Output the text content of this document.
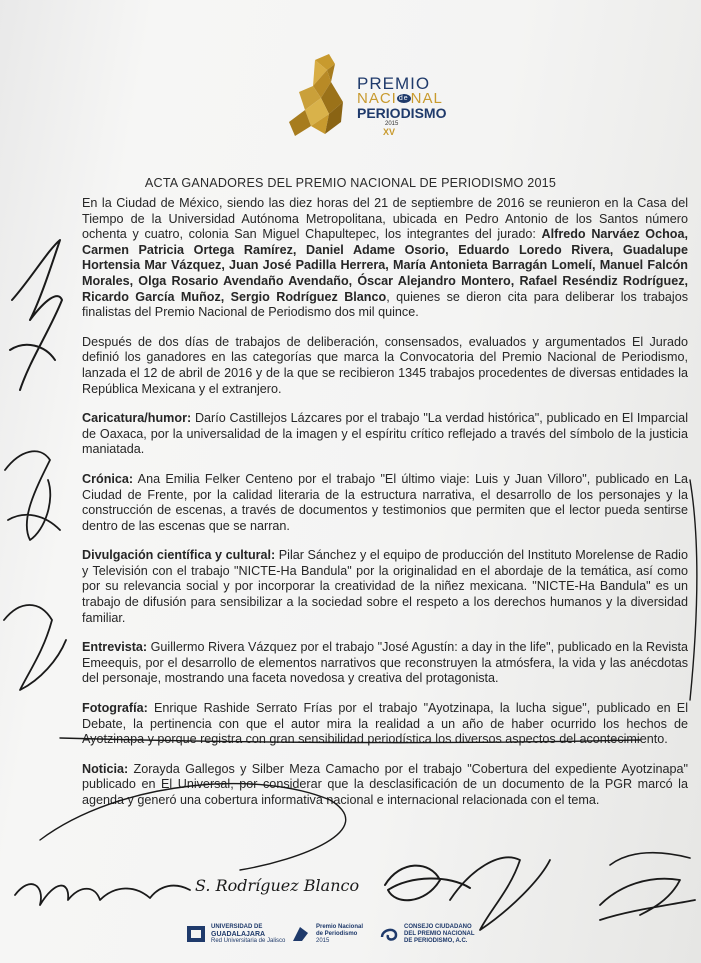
PREMIO
NACI de NAL
PERIODISMO
2015
XV
ACTA GANADORES DEL PREMIO NACIONAL DE PERIODISMO 2015

En la Ciudad de México, siendo las diez horas del 21 de septiembre de 2016 se reunieron en la Casa del Tiempo de la Universidad Autónoma Metropolitana, ubicada en Pedro Antonio de los Santos número ochenta y cuatro, colonia San Miguel Chapultepec, los integrantes del jurado: Alfredo Narváez Ochoa, Carmen Patricia Ortega Ramírez, Daniel Adame Osorio, Eduardo Loredo Rivera, Guadalupe Hortensia Mar Vázquez, Juan José Padilla Herrera, María Antonieta Barragán Lomelí, Manuel Falcón Morales, Olga Rosario Avendaño Avendaño, Óscar Alejandro Montero, Rafael Reséndiz Rodríguez, Ricardo García Muñoz, Sergio Rodríguez Blanco, quienes se dieron cita para deliberar los trabajos finalistas del Premio Nacional de Periodismo dos mil quince.

Después de dos días de trabajos de deliberación, consensados, evaluados y argumentados El Jurado definió los ganadores en las categorías que marca la Convocatoria del Premio Nacional de Periodismo, lanzada el 12 de abril de 2016 y de la que se recibieron 1345 trabajos procedentes de diversas entidades la República Mexicana y el extranjero.

Caricatura/humor: Darío Castillejos Lázcares por el trabajo "La verdad histórica", publicado en El Imparcial de Oaxaca, por la universalidad de la imagen y el espíritu crítico reflejado a través del símbolo de la justicia maniatada.

Crónica: Ana Emilia Felker Centeno por el trabajo "El último viaje: Luis y Juan Villoro", publicado en La Ciudad de Frente, por la calidad literaria de la estructura narrativa, el desarrollo de los personajes y la construcción de escenas, a través de documentos y testimonios que permiten que el lector pueda sentirse dentro de las escenas que se narran.

Divulgación científica y cultural: Pilar Sánchez y el equipo de producción del Instituto Morelense de Radio y Televisión con el trabajo "NICTE-Ha Bandula" por la originalidad en el abordaje de la temática, así como por su relevancia social y por incorporar la creatividad de la niñez mexicana. "NICTE-Ha Bandula" es un trabajo de difusión para sensibilizar a la sociedad sobre el respeto a los derechos humanos y la diversidad familiar.

Entrevista: Guillermo Rivera Vázquez por el trabajo "José Agustín: a day in the life", publicado en la Revista Emeequis, por el desarrollo de elementos narrativos que reconstruyen la atmósfera, la vida y las anécdotas del personaje, mostrando una faceta novedosa y creativa del protagonista.

Fotografía: Enrique Rashide Serrato Frías por el trabajo "Ayotzinapa, la lucha sigue", publicado en El Debate, la pertinencia con que el autor mira la realidad a un año de haber ocurrido los hechos de Ayotzinapa y porque registra con gran sensibilidad periodística los diversos aspectos del acontecimiento.

Noticia: Zorayda Gallegos y Silber Meza Camacho por el trabajo "Cobertura del expediente Ayotzinapa" publicado en El Universal, por considerar que la desclasificación de un documento de la PGR marcó la agenda y generó una cobertura informativa nacional e internacional relacionada con el tema.

S. Rodríguez Blanco
UNIVERSIDAD DE
GUADALAJARA
Red Universitaria de Jalisco
Premio Nacional
de Periodismo
2015
CONSEJO CIUDADANO
DEL PREMIO NACIONAL
DE PERIODISMO, A.C.
